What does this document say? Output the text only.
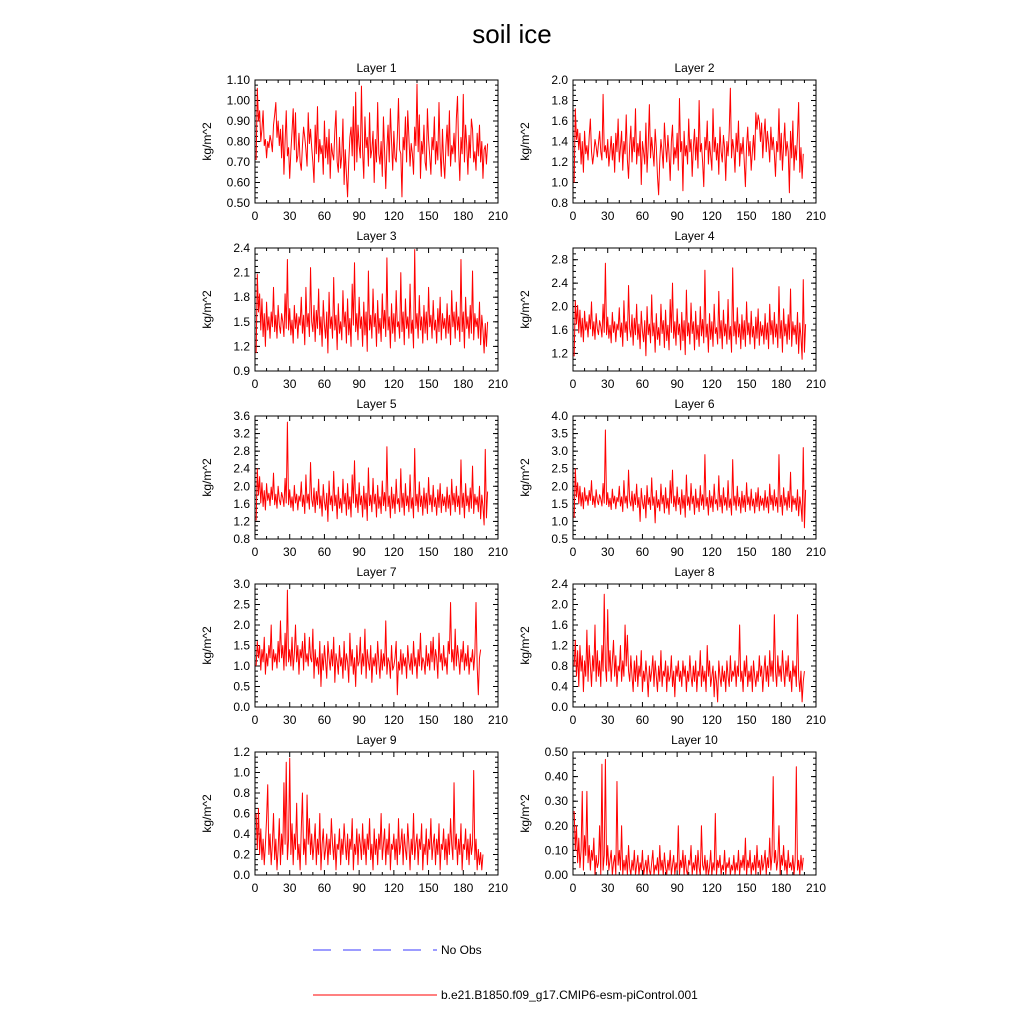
soil ice
Layer 1
0 30 60 90 120 150 180 210
0.50
0.60
0.70
0.80
0.90
1.00
1.10
kg/m^2
Layer 2
0 30 60 90 120 150 180 210
0.8
1.0
1.2
1.4
1.6
1.8
2.0
kg/m^2
Layer 3
0 30 60 90 120 150 180 210
0.9
1.2
1.5
1.8
2.1
2.4
kg/m^2
Layer 4
0 30 60 90 120 150 180 210
1.2
1.6
2.0
2.4
2.8
kg/m^2
Layer 5
0 30 60 90 120 150 180 210
0.8
1.2
1.6
2.0
2.4
2.8
3.2
3.6
kg/m^2
Layer 6
0 30 60 90 120 150 180 210
0.5
1.0
1.5
2.0
2.5
3.0
3.5
4.0
kg/m^2
Layer 7
0 30 60 90 120 150 180 210
0.0
0.5
1.0
1.5
2.0
2.5
3.0
kg/m^2
Layer 8
0 30 60 90 120 150 180 210
0.0
0.4
0.8
1.2
1.6
2.0
2.4
kg/m^2
Layer 9
0 30 60 90 120 150 180 210
0.0
0.2
0.4
0.6
0.8
1.0
1.2
kg/m^2
Layer 10
0 30 60 90 120 150 180 210
0.00
0.10
0.20
0.30
0.40
0.50
kg/m^2
No Obs
b.e21.B1850.f09_g17.CMIP6-esm-piControl.001
